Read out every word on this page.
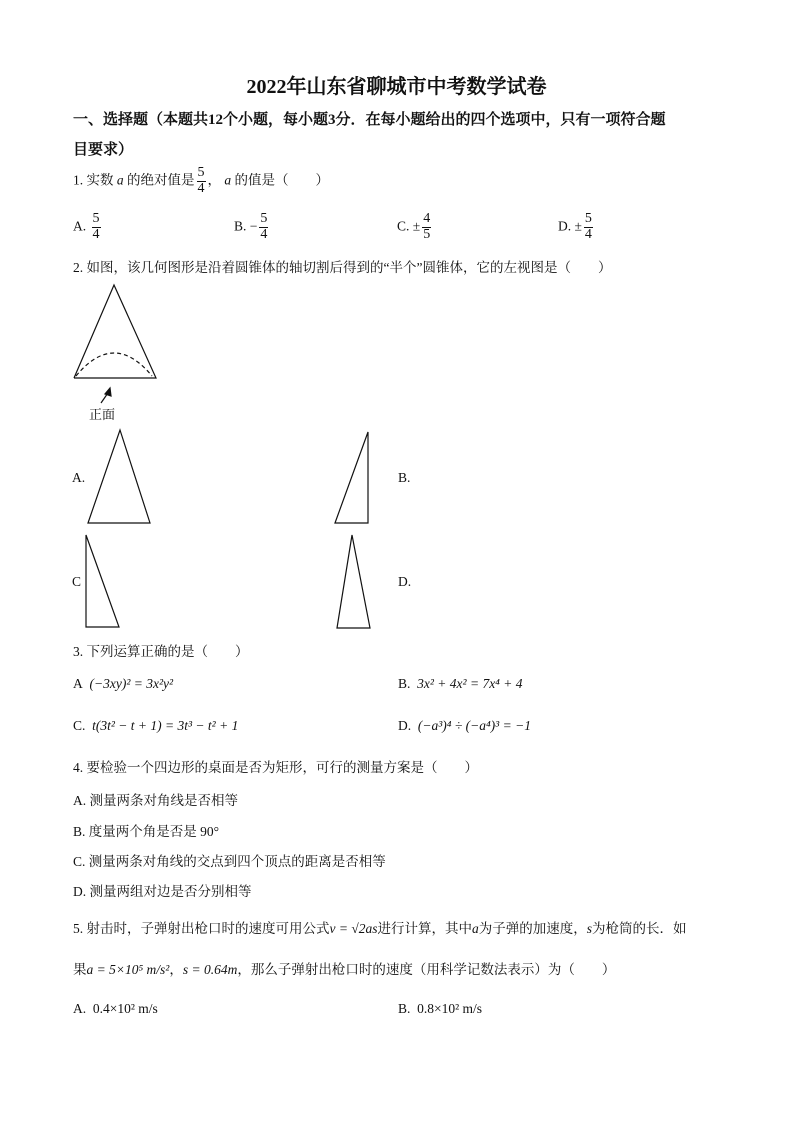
2022年山东省聊城市中考数学试卷
一、选择题（本题共12个小题，每小题3分．在每小题给出的四个选项中，只有一项符合题
目要求）
1. 实数 a 的绝对值是 $\frac{5}{4}$ ， a 的值是（　　）
A. $\frac{5}{4}$	B. − $\frac{5}{4}$	C. ± $\frac{4}{5}$	D. ± $\frac{5}{4}$
2. 如图，该几何图形是沿着圆锥体的轴切割后得到的“半个”圆锥体，它的左视图是（　　）
正面
A.	B.
C	D.
3. 下列运算正确的是（　　）
A (−3xy)² = 3x²y²	B. 3x² + 4x² = 7x⁴ + 4
C. t(3t² − t + 1) = 3t³ − t² + 1	D. (−a³)⁴ ÷ (−a⁴)³ = −1
4. 要检验一个四边形的桌面是否为矩形，可行的测量方案是（　　）
A. 测量两条对角线是否相等
B. 度量两个角是否是 90°
C. 测量两条对角线的交点到四个顶点的距离是否相等
D. 测量两组对边是否分别相等
5. 射击时，子弹射出枪口时的速度可用公式v = √2as进行计算，其中a为子弹的加速度，s为枪筒的长．如
果a = 5×10⁵ m/s²，s = 0.64m，那么子弹射出枪口时的速度（用科学记数法表示）为（　　）
A. 0.4×10² m/s	B. 0.8×10² m/s
